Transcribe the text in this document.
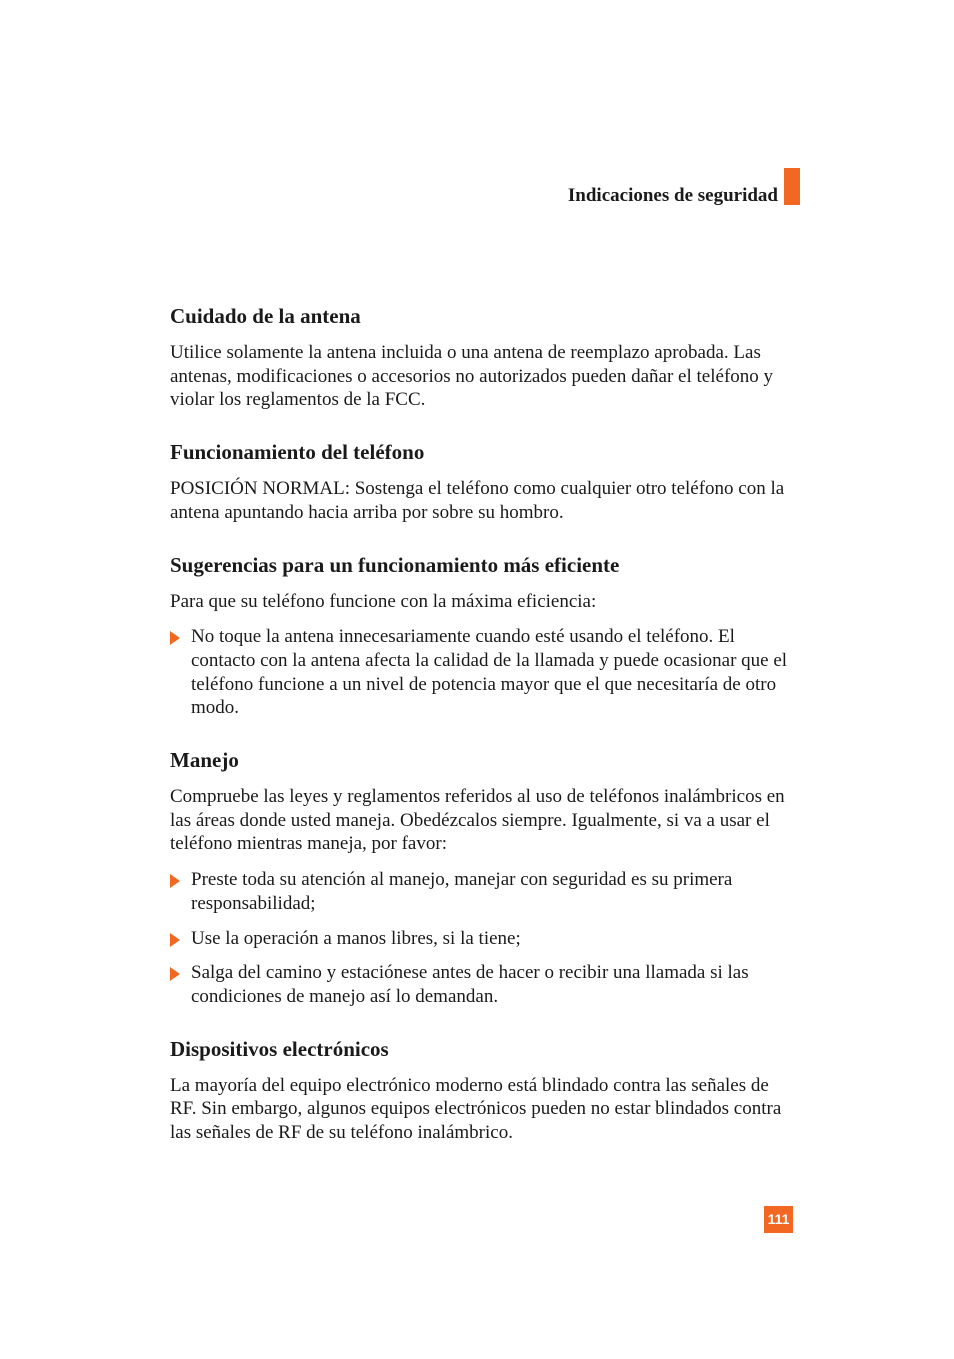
Indicaciones de seguridad
Cuidado de la antena

Utilice solamente la antena incluida o una antena de reemplazo aprobada. Las antenas, modificaciones o accesorios no autorizados pueden dañar el teléfono y violar los reglamentos de la FCC.

Funcionamiento del teléfono

POSICIÓN NORMAL: Sostenga el teléfono como cualquier otro teléfono con la antena apuntando hacia arriba por sobre su hombro.

Sugerencias para un funcionamiento más eficiente

Para que su teléfono funcione con la máxima eficiencia:

No toque la antena innecesariamente cuando esté usando el teléfono. El contacto con la antena afecta la calidad de la llamada y puede ocasionar que el teléfono funcione a un nivel de potencia mayor que el que necesitaría de otro modo.
Manejo

Compruebe las leyes y reglamentos referidos al uso de teléfonos inalámbricos en las áreas donde usted maneja. Obedézcalos siempre. Igualmente, si va a usar el teléfono mientras maneja, por favor:

Preste toda su atención al manejo, manejar con seguridad es su primera responsabilidad;
Use la operación a manos libres, si la tiene;
Salga del camino y estaciónese antes de hacer o recibir una llamada si las condiciones de manejo así lo demandan.
Dispositivos electrónicos

La mayoría del equipo electrónico moderno está blindado contra las señales de RF. Sin embargo, algunos equipos electrónicos pueden no estar blindados contra las señales de RF de su teléfono inalámbrico.

111
